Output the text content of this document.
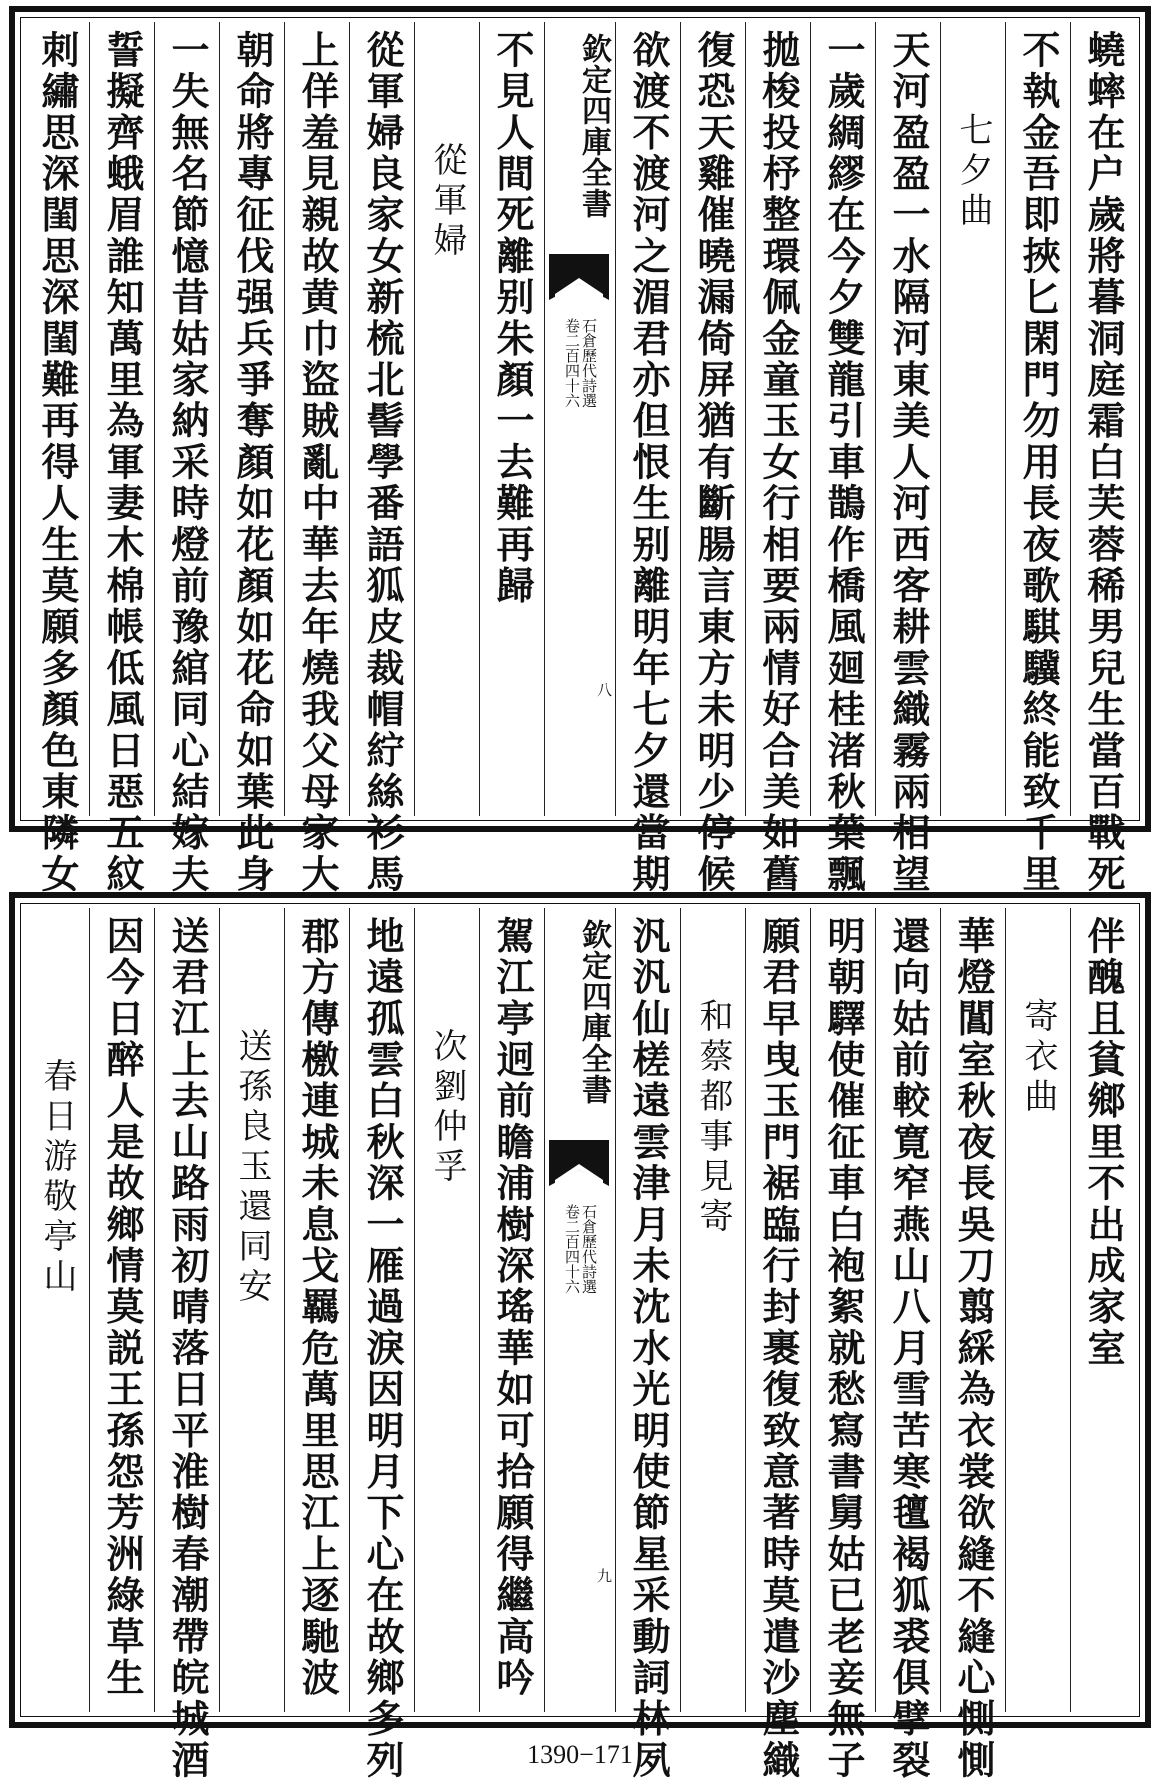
蟯蟀在户歲將暮洞庭霜白芙蓉稀男兒生當百戰死
不執金吾即挾匕閑門勿用長夜歌騏驥終能致千里
七夕曲
天河盈盈一水隔河東美人河西客耕雲織霧兩相望
一歲綢繆在今夕雙龍引車鵲作橋風廻桂渚秋葉飄
拋梭投杼整環佩金童玉女行相要兩情好合美如舊
復恐天雞催曉漏倚屏猶有斷腸言東方未明少停候
欲渡不渡河之湄君亦但恨生别離明年七夕還當期
欽定四庫全書
石倉歷代詩選
卷二百四十六
八
不見人間死離别朱顏一去難再歸
從軍婦
從軍婦良家女新梳北髻學番語狐皮裁帽紵絲衫馬
上佯羞見親故黄巾盜賊亂中華去年燒我父母家大
朝命將專征伐强兵爭奪顏如花顏如花命如葉此身
一失無名節憶昔姑家納采時燈前豫綰同心結嫁夫
誓擬齊蛾眉誰知萬里為軍妻木棉帳低風日惡五紋
刺繡思深閨思深閨難再得人生莫願多顏色東隣女
伴醜且貧鄉里不出成家室
寄衣曲
華燈閶室秋夜長吳刀翦綵為衣裳欲縫不縫心惻惻
還向姑前較寛窄燕山八月雪苦寒氊褐狐裘俱擘裂
明朝驛使催征車白袍絮就愁寫書舅姑已老妾無子
願君早曳玉門裾臨行封裹復致意著時莫遣沙塵織
和蔡都事見寄
汎汎仙槎遠雲津月未沈水光明使節星采動詞林夙
欽定四庫全書
石倉歷代詩選
卷二百四十六
九
駕江亭迥前瞻浦樹深瑤華如可拾願得繼高吟
次劉仲孚
地遠孤雲白秋深一雁過淚因明月下心在故鄉多列
郡方傳檄連城未息戈羈危萬里思江上逐馳波
送孫良玉還同安
送君江上去山路雨初晴落日平淮樹春潮帶皖城酒
因今日醉人是故鄉情莫説王孫怨芳洲綠草生
春日游敬亭山
1390−171
